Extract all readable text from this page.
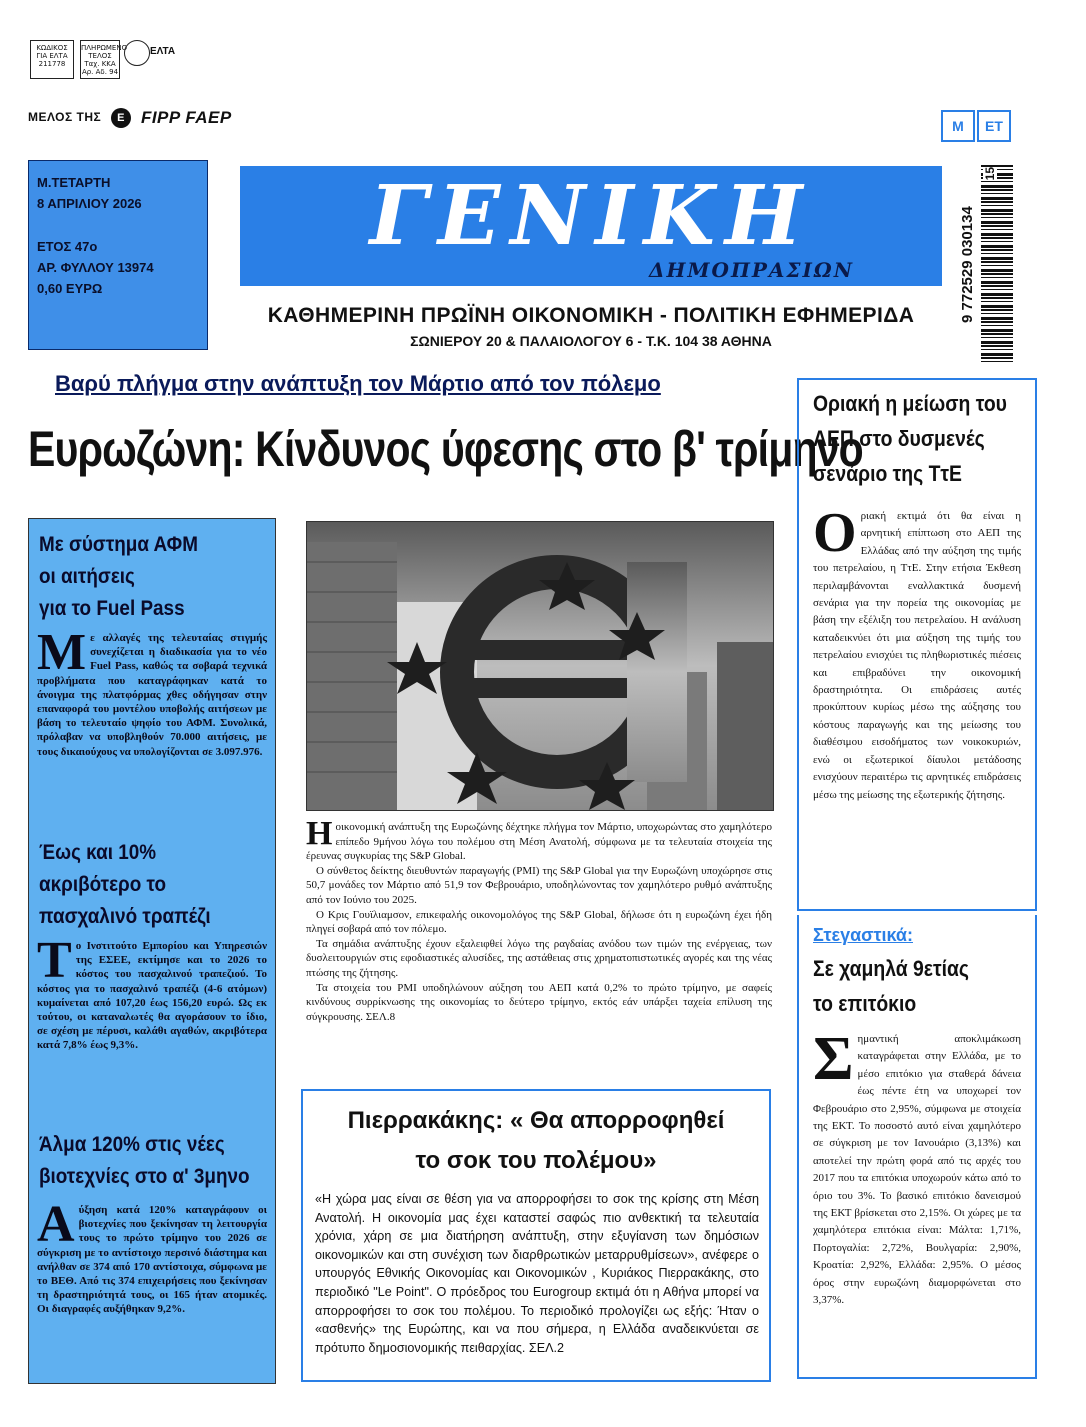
ΚΩΔΙΚΟΣ ΓΙΑ ΕΛΤΑ 211778
ΠΛΗΡΩΜΕΝΟ ΤΕΛΟΣ Ταχ. ΚΚΑ Αρ. Αδ. 94
ΕΛΤΑ
ΜΕΛΟΣ ΤΗΣ E FIPP FAEP
Μ.ΤΕΤΑΡΤΗ
8 ΑΠΡΙΛΙΟΥ 2026
ΕΤΟΣ 47ο
ΑΡ. ΦΥΛΛΟΥ 13974
0,60 ΕΥΡΩ
ΓΕΝΙΚΗ
ΔΗΜΟΠΡΑΣΙΩΝ
ΚΑΘΗΜΕΡΙΝΗ ΠΡΩΪΝΗ ΟΙΚΟΝΟΜΙΚΗ - ΠΟΛΙΤΙΚΗ ΕΦΗΜΕΡΙΔΑ
ΣΩΝΙΕΡΟΥ 20 & ΠΑΛΑΙΟΛΟΓΟΥ 6 - Τ.Κ. 104 38 ΑΘΗΝΑ
M	ET
9 772529 030134
15
Βαρύ πλήγμα στην ανάπτυξη τον Μάρτιο από τον πόλεμο
Ευρωζώνη: Κίνδυνος ύφεσης στο β' τρίμηνο
Με σύστημα ΑΦΜ
οι αιτήσεις
για το Fuel Pass
Με αλλαγές της τελευταίας στιγμής συνεχίζεται η διαδικασία για το νέο Fuel Pass, καθώς τα σοβαρά τεχνικά προβλήματα που καταγράφηκαν κατά το άνοιγμα της πλατφόρμας χθες οδήγησαν στην επαναφορά του μοντέλου υποβολής αιτήσεων με βάση το τελευταίο ψηφίο του ΑΦΜ. Συνολικά, πρόλαβαν να υποβληθούν 70.000 αιτήσεις, με τους δικαιούχους να υπολογίζονται σε 3.097.976.
Έως και 10%
ακριβότερο το
πασχαλινό τραπέζι
Το Ινστιτούτο Εμπορίου και Υπηρεσιών της ΕΣΕΕ, εκτίμησε και το 2026 το κόστος του πασχαλινού τραπεζιού. Το κόστος για το πασχαλινό τραπέζι (4-6 ατόμων) κυμαίνεται από 107,20 έως 156,20 ευρώ. Ως εκ τούτου, οι καταναλωτές θα αγοράσουν το ίδιο, σε σχέση με πέρυσι, καλάθι αγαθών, ακριβότερα κατά 7,8% έως 9,3%.
Άλμα 120% στις νέες
βιοτεχνίες στο α' 3μηνο
Αύξηση κατά 120% καταγράφουν οι βιοτεχνίες που ξεκίνησαν τη λειτουργία τους το πρώτο τρίμηνο του 2026 σε σύγκριση με το αντίστοιχο περσινό διάστημα και ανήλθαν σε 374 από 170 αντίστοιχα, σύμφωνα με το ΒΕΘ. Από τις 374 επιχειρήσεις που ξεκίνησαν τη δραστηριότητά τους, οι 165 ήταν ατομικές. Οι διαγραφές αυξήθηκαν 9,2%.

Ηοικονομική ανάπτυξη της Ευρωζώνης δέχτηκε πλήγμα τον Μάρτιο, υποχωρώντας στο χαμηλότερο επίπεδο 9μήνου λόγω του πολέμου στη Μέση Ανατολή, σύμφωνα με τα τελευταία στοιχεία της έρευνας συγκυρίας της S&P Global.

Ο σύνθετος δείκτης διευθυντών παραγωγής (PMI) της S&P Global για την Ευρωζώνη υποχώρησε στις 50,7 μονάδες τον Μάρτιο από 51,9 τον Φεβρουάριο, υποδηλώνοντας τον χαμηλότερο ρυθμό ανάπτυξης από τον Ιούνιο του 2025.

Ο Κρις Γουϊλιαμσον, επικεφαλής οικονομολόγος της S&P Global, δήλωσε ότι η ευρωζώνη έχει ήδη πληγεί σοβαρά από τον πόλεμο.

Τα σημάδια ανάπτυξης έχουν εξαλειφθεί λόγω της ραγδαίας ανόδου των τιμών της ενέργειας, των δυσλειτουργιών στις εφοδιαστικές αλυσίδες, της αστάθειας στις χρηματοπιστωτικές αγορές και της νέας πτώσης της ζήτησης.

Τα στοιχεία του PMI υποδηλώνουν αύξηση του ΑΕΠ κατά 0,2% το πρώτο τρίμηνο, με σαφείς κινδύνους συρρίκνωσης της οικονομίας το δεύτερο τρίμηνο, εκτός εάν υπάρξει ταχεία επίλυση της σύγκρουσης. ΣΕΛ.8

Πιερρακάκης: « Θα απορροφηθεί
το σοκ του πολέμου»
«Η χώρα μας είναι σε θέση για να απορροφήσει το σοκ της κρίσης στη Μέση Ανατολή. Η οικονομία μας έχει καταστεί σαφώς πιο ανθεκτική τα τελευταία χρόνια, χάρη σε μια διατήρηση ανάπτυξη, στην εξυγίανση των δημόσιων οικονομικών και στη συνέχιση των διαρθρωτικών μεταρρυθμίσεων», ανέφερε ο υπουργός Εθνικής Οικονομίας και Οικονομικών , Κυριάκος Πιερρακάκης, στο περιοδικό "Le Point". Ο πρόεδρος του Eurogroup εκτιμά ότι η Αθήνα μπορεί να απορροφήσει το σοκ του πολέμου. Το περιοδικό προλογίζει ως εξής: Ήταν ο «ασθενής» της Ευρώπης, και να που σήμερα, η Ελλάδα αναδεικνύεται σε πρότυπο δημοσιονομικής πειθαρχίας. ΣΕΛ.2
Οριακή η μείωση του
ΑΕΠ στο δυσμενές
σενάριο της ΤτΕ
Οριακή εκτιμά ότι θα είναι η αρνητική επίπτωση στο ΑΕΠ της Ελλάδας από την αύξηση της τιμής του πετρελαίου, η ΤτΕ. Στην ετήσια Έκθεση περιλαμβάνονται εναλλακτικά δυσμενή σενάρια για την πορεία της οικονομίας με βάση την εξέλιξη του πετρελαίου. Η ανάλυση καταδεικνύει ότι μια αύξηση της τιμής του πετρελαίου ενισχύει τις πληθωριστικές πιέσεις και επιβραδύνει την οικονομική δραστηριότητα. Οι επιδράσεις αυτές προκύπτουν κυρίως μέσω της αύξησης του κόστους παραγωγής και της μείωσης του διαθέσιμου εισοδήματος των νοικοκυριών, ενώ οι εξωτερικοί δίαυλοι μετάδοσης ενισχύουν περαιτέρω τις αρνητικές επιδράσεις μέσω της μείωσης της εξωτερικής ζήτησης.
Στεγαστικά:
Σε χαμηλά 9ετίας
το επιτόκιο
Σημαντική αποκλιμάκωση καταγράφεται στην Ελλάδα, με το μέσο επιτόκιο για σταθερά δάνεια έως πέντε έτη να υποχωρεί τον Φεβρουάριο στο 2,95%, σύμφωνα με στοιχεία της ΕΚΤ. Το ποσοστό αυτό είναι χαμηλότερο σε σύγκριση με τον Ιανουάριο (3,13%) και αποτελεί την πρώτη φορά από τις αρχές του 2017 που τα επιτόκια υποχωρούν κάτω από το όριο του 3%. Το βασικό επιτόκιο δανεισμού της ΕΚΤ βρίσκεται στο 2,15%. Οι χώρες με τα χαμηλότερα επιτόκια είναι: Μάλτα: 1,71%, Πορτογαλία: 2,72%, Βουλγαρία: 2,90%, Κροατία: 2,92%, Ελλάδα: 2,95%. Ο μέσος όρος στην ευρωζώνη διαμορφώνεται στο 3,37%.
